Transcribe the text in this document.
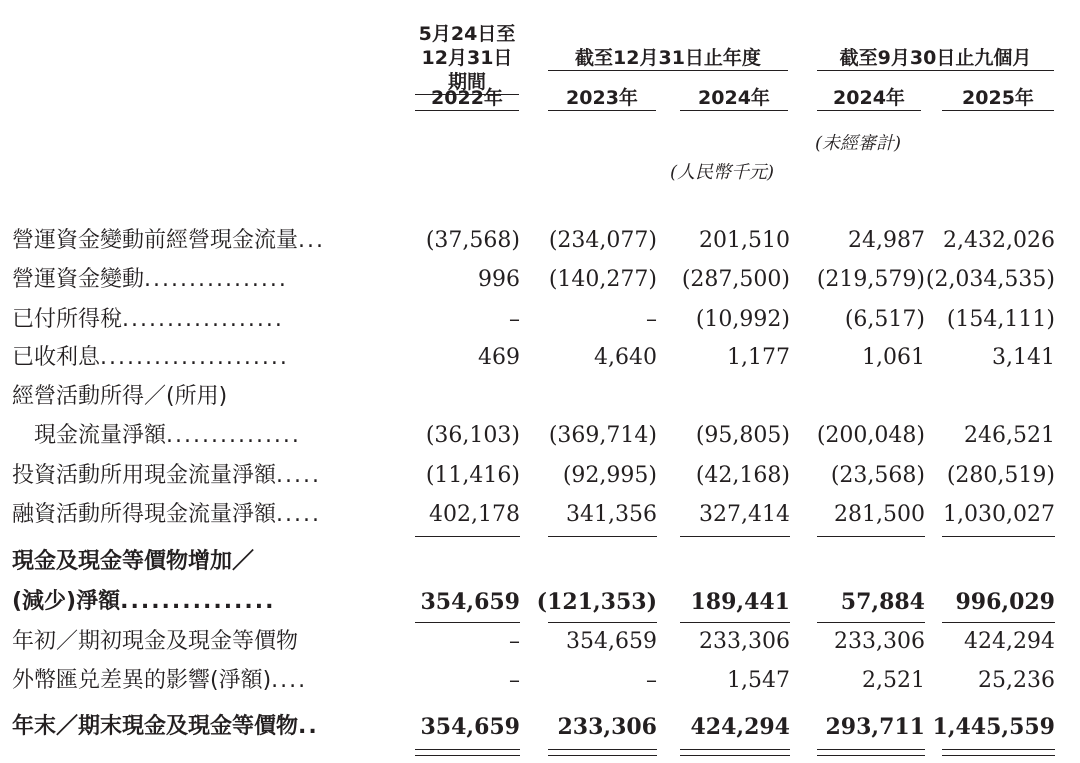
5月24日至
12月31日期間
截至12月31日止年度	截至9月30日止九個月
2022年	2023年	2024年	2024年	2025年
(未經審計)
(人民幣千元)
營運資金變動前經營現金流量...	(37,568)	(234,077)	201,510	24,987 2,432,026
營運資金變動................	996	(140,277)	(287,500)	(219,579) (2,034,535)
已付所得稅..................	–	–	(10,992)	(6,517) (154,111)
已收利息.....................	469	4,640	1,177	1,061	3,141
經營活動所得／(所用)
　現金流量淨額...............	(36,103)	(369,714)	(95,805)	(200,048)	246,521
投資活動所用現金流量淨額.....	(11,416)	(92,995)	(42,168)	(23,568) (280,519)
融資活動所得現金流量淨額.....	402,178	341,356	327,414	281,500 1,030,027
現金及現金等價物增加／
(減少)淨額...............	354,659 (121,353)	189,441	57,884	996,029
年初／期初現金及現金等價物	–	354,659	233,306	233,306	424,294
外幣匯兑差異的影響(淨額)....	–	–	1,547	2,521	25,236
年末／期末現金及現金等價物..	354,659	233,306	424,294	293,711 1,445,559
